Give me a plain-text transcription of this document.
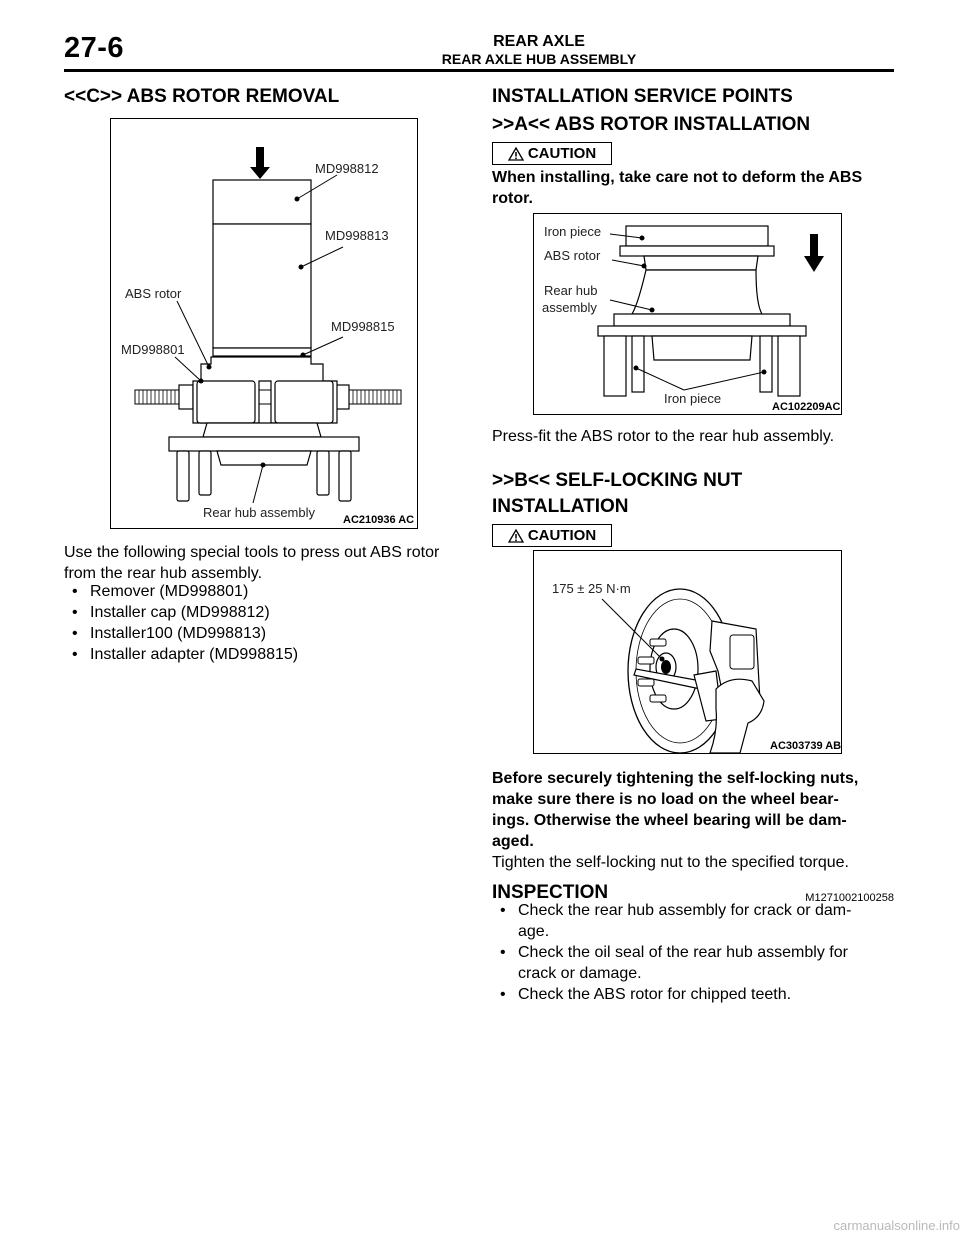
27-6	REAR AXLE
REAR AXLE HUB ASSEMBLY
<<C>> ABS ROTOR REMOVAL
MD998812
MD998813
ABS rotor
MD998815
MD998801
Rear hub assembly	AC210936 AC

Use the following special tools to press out ABS rotor

from the rear hub assembly.

• Remover (MD998801)
• Installer cap (MD998812)
• Installer100 (MD998813)
• Installer adapter (MD998815)
INSTALLATION SERVICE POINTS
>>A<< ABS ROTOR INSTALLATION
CAUTION

When installing, take care not to deform the ABS

rotor.

Iron piece
ABS rotor
Rear hub
assembly
Iron piece
AC102209AC

Press-fit the ABS rotor to the rear hub assembly.

>>B<< SELF-LOCKING NUT
INSTALLATION
CAUTION
175 ± 25 N·m
AC303739 AB

Before securely tightening the self-locking nuts,

make sure there is no load on the wheel bear-

ings. Otherwise the wheel bearing will be dam-

aged.

Tighten the self-locking nut to the specified torque.

INSPECTION	M1271002100258
• Check the rear hub assembly for crack or dam-
age.
• Check the oil seal of the rear hub assembly for
crack or damage.
• Check the ABS rotor for chipped teeth.
carmanualsonline.info
